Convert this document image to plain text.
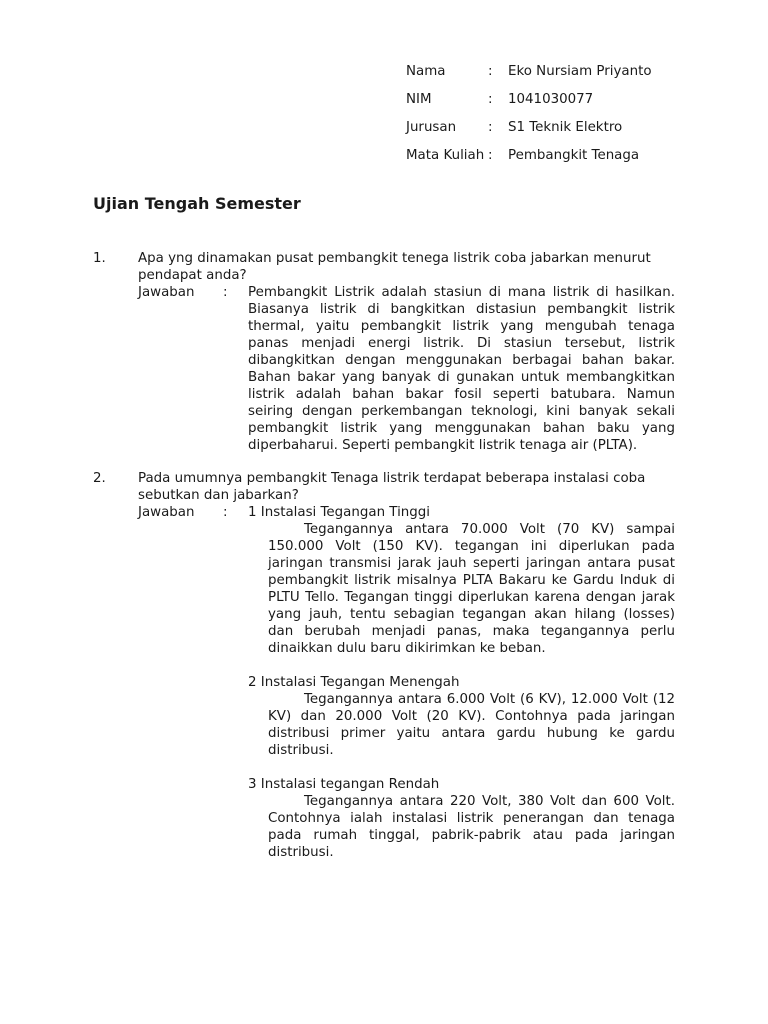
Nama	:	Eko Nursiam Priyanto
NIM	:	1041030077
Jurusan	:	S1 Teknik Elektro
Mata Kuliah :	Pembangkit Tenaga
Ujian Tengah Semester
1.	Apa yng dinamakan pusat pembangkit tenega listrik coba jabarkan menurut pendapat anda?
Jawaban	:	Pembangkit Listrik adalah stasiun di mana listrik di hasilkan. Biasanya listrik di bangkitkan distasiun pembangkit listrik thermal, yaitu pembangkit listrik yang mengubah tenaga panas menjadi energi listrik. Di stasiun tersebut, listrik dibangkitkan dengan menggunakan berbagai bahan bakar. Bahan bakar yang banyak di gunakan untuk membangkitkan listrik adalah bahan bakar fosil seperti batubara. Namun seiring dengan perkembangan teknologi, kini banyak sekali pembangkit listrik yang menggunakan bahan baku yang diperbaharui. Seperti pembangkit listrik tenaga air (PLTA).
2.	Pada umumnya pembangkit Tenaga listrik terdapat beberapa instalasi coba sebutkan dan jabarkan?
Jawaban	:	1 Instalasi Tegangan Tinggi
Tegangannya antara 70.000 Volt (70 KV) sampai 150.000 Volt (150 KV). tegangan ini diperlukan pada jaringan transmisi jarak jauh seperti jaringan antara pusat pembangkit listrik misalnya PLTA Bakaru ke Gardu Induk di PLTU Tello. Tegangan tinggi diperlukan karena dengan jarak yang jauh, tentu sebagian tegangan akan hilang (losses) dan berubah menjadi panas, maka tegangannya perlu dinaikkan dulu baru dikirimkan ke beban.
2 Instalasi Tegangan Menengah
Tegangannya antara 6.000 Volt (6 KV), 12.000 Volt (12 KV) dan 20.000 Volt (20 KV). Contohnya pada jaringan distribusi primer yaitu antara gardu hubung ke gardu distribusi.
3 Instalasi tegangan Rendah
Tegangannya antara 220 Volt, 380 Volt dan 600 Volt. Contohnya ialah instalasi listrik penerangan dan tenaga pada rumah tinggal, pabrik-pabrik atau pada jaringan distribusi.
